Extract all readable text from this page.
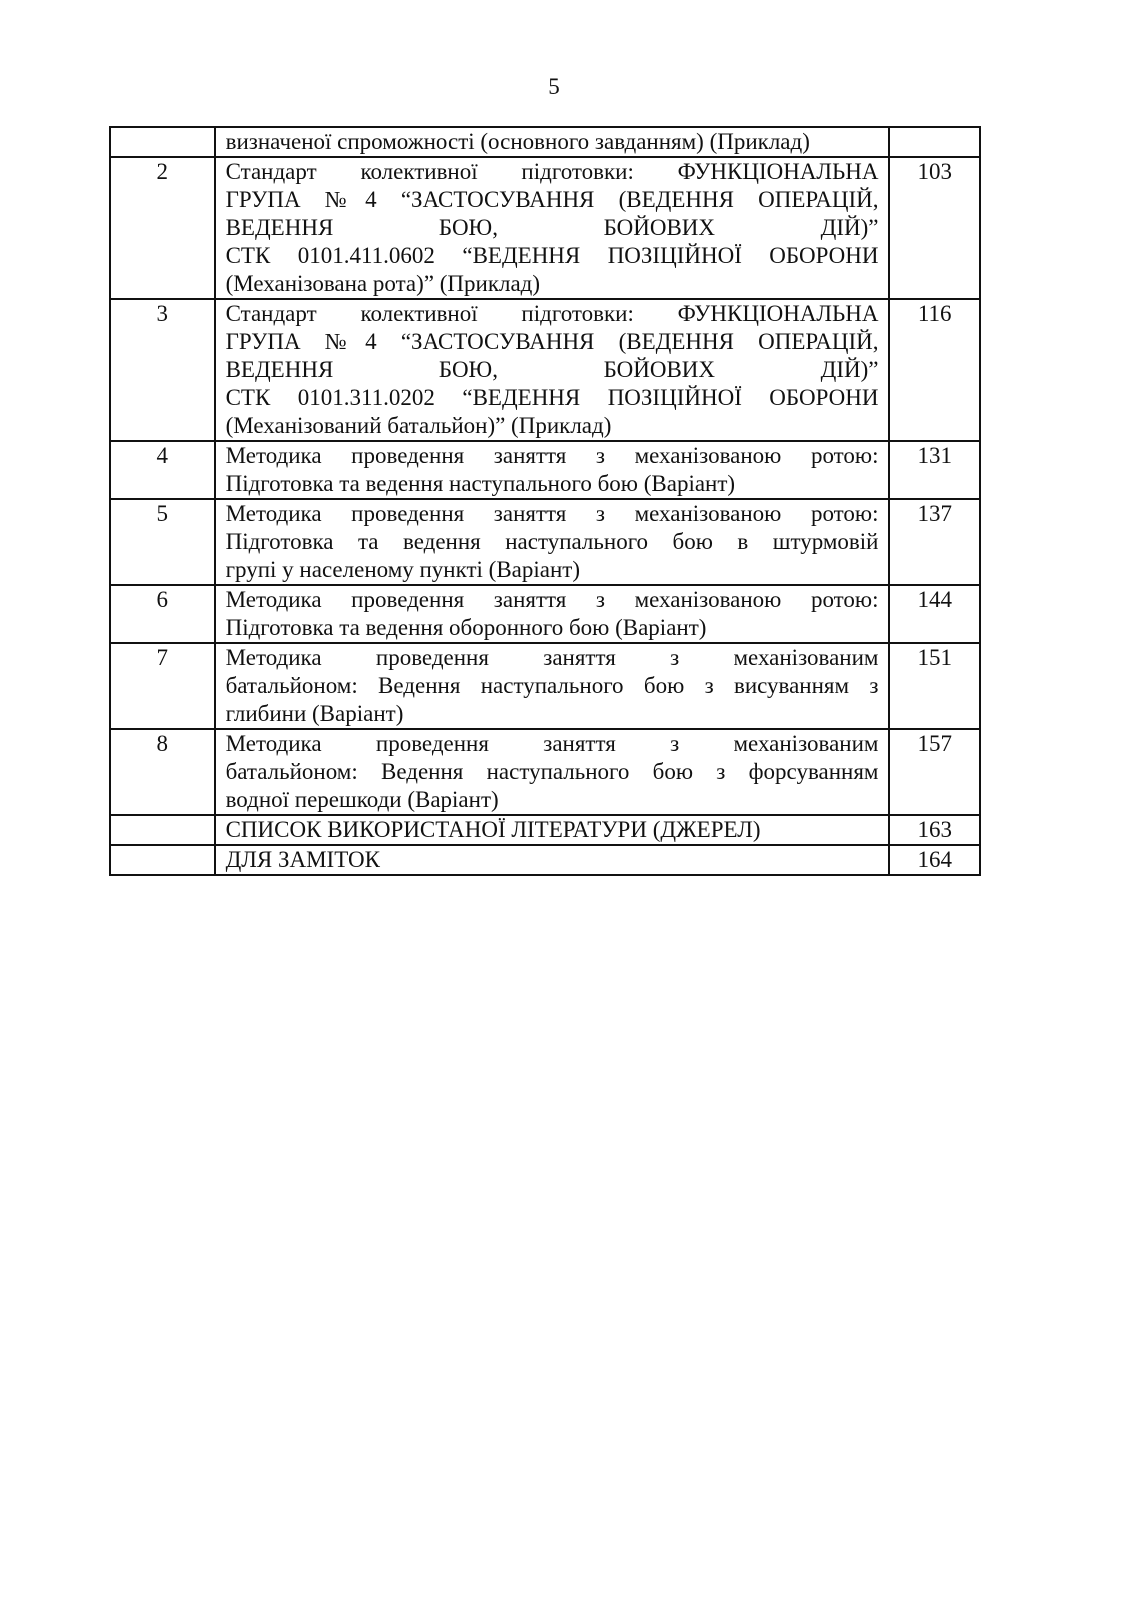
5

	визначеної спроможності (основного завданням) (Приклад)	

2	Стандарт колективної підготовки: ФУНКЦІОНАЛЬНА
ГРУПА №4 “ЗАСТОСУВАННЯ (ВЕДЕННЯ ОПЕРАЦІЙ,
ВЕДЕННЯ БОЮ, БОЙОВИХ ДІЙ)”
СТК 0101.411.0602 “ВЕДЕННЯ ПОЗІЦІЙНОЇ ОБОРОНИ
(Механізована рота)” (Приклад)	103
3	Стандарт колективної підготовки: ФУНКЦІОНАЛЬНА
ГРУПА №4 “ЗАСТОСУВАННЯ (ВЕДЕННЯ ОПЕРАЦІЙ,
ВЕДЕННЯ БОЮ, БОЙОВИХ ДІЙ)”
СТК 0101.311.0202 “ВЕДЕННЯ ПОЗІЦІЙНОЇ ОБОРОНИ
(Механізований батальйон)” (Приклад)	116
4	Методика проведення заняття з механізованою ротою:
Підготовка та ведення наступального бою (Варіант)	131
5	Методика проведення заняття з механізованою ротою:
Підготовка та ведення наступального бою в штурмовій
групі у населеному пункті (Варіант)	137
6	Методика проведення заняття з механізованою ротою:
Підготовка та ведення оборонного бою (Варіант)	144
7	Методика проведення заняття з механізованим
батальйоном: Ведення наступального бою з висуванням з
глибини (Варіант)	151
8	Методика проведення заняття з механізованим
батальйоном: Ведення наступального бою з форсуванням
водної перешкоди (Варіант)	157

	СПИСОК ВИКОРИСТАНОЇ ЛІТЕРАТУРИ (ДЖЕРЕЛ)	163

	ДЛЯ ЗАМІТОК	164
